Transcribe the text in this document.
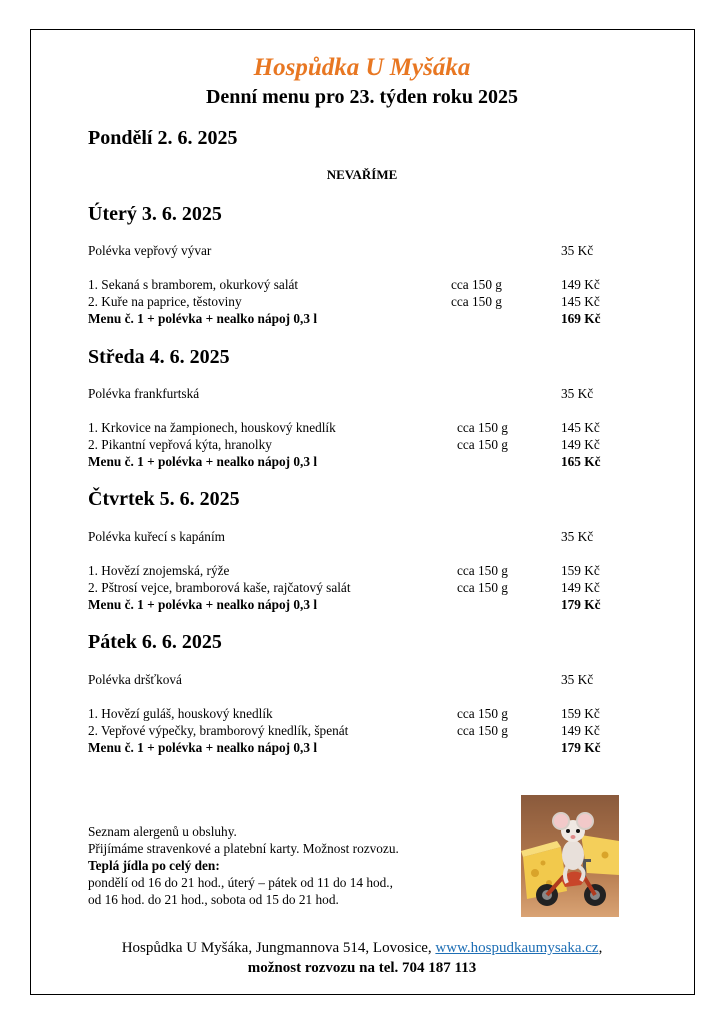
Hospůdka U Myšáka
Denní menu pro 23. týden roku 2025
Pondělí 2. 6. 2025
NEVAŘÍME
Úterý 3. 6. 2025
Polévka vepřový vývar	35 Kč
1. Sekaná s bramborem, okurkový salát	cca 150 g	149 Kč
2. Kuře na paprice, těstoviny	cca 150 g	145 Kč
Menu č. 1 + polévka + nealko nápoj 0,3 l	169 Kč
Středa 4. 6. 2025
Polévka frankfurtská	35 Kč
1. Krkovice na žampionech, houskový knedlík	cca 150 g	145 Kč
2. Pikantní vepřová kýta, hranolky	cca 150 g	149 Kč
Menu č. 1 + polévka + nealko nápoj 0,3 l	165 Kč
Čtvrtek 5. 6. 2025
Polévka kuřecí s kapáním	35 Kč
1. Hovězí znojemská, rýže	cca 150 g	159 Kč
2. Pštrosí vejce, bramborová kaše, rajčatový salát	cca 150 g	149 Kč
Menu č. 1 + polévka + nealko nápoj 0,3 l	179 Kč
Pátek 6. 6. 2025
Polévka dršťková	35 Kč
1. Hovězí guláš, houskový knedlík	cca 150 g	159 Kč
2. Vepřové výpečky, bramborový knedlík, špenát	cca 150 g	149 Kč
Menu č. 1 + polévka + nealko nápoj 0,3 l	179 Kč
Seznam alergenů u obsluhy.
Přijímáme stravenkové a platební karty. Možnost rozvozu.
Teplá jídla po celý den:
pondělí od 16 do 21 hod., úterý – pátek od 11 do 14 hod.,
od 16 hod. do 21 hod., sobota od 15 do 21 hod.
Hospůdka U Myšáka, Jungmannova 514, Lovosice, www.hospudkaumysaka.cz,
možnost rozvozu na tel. 704 187 113
